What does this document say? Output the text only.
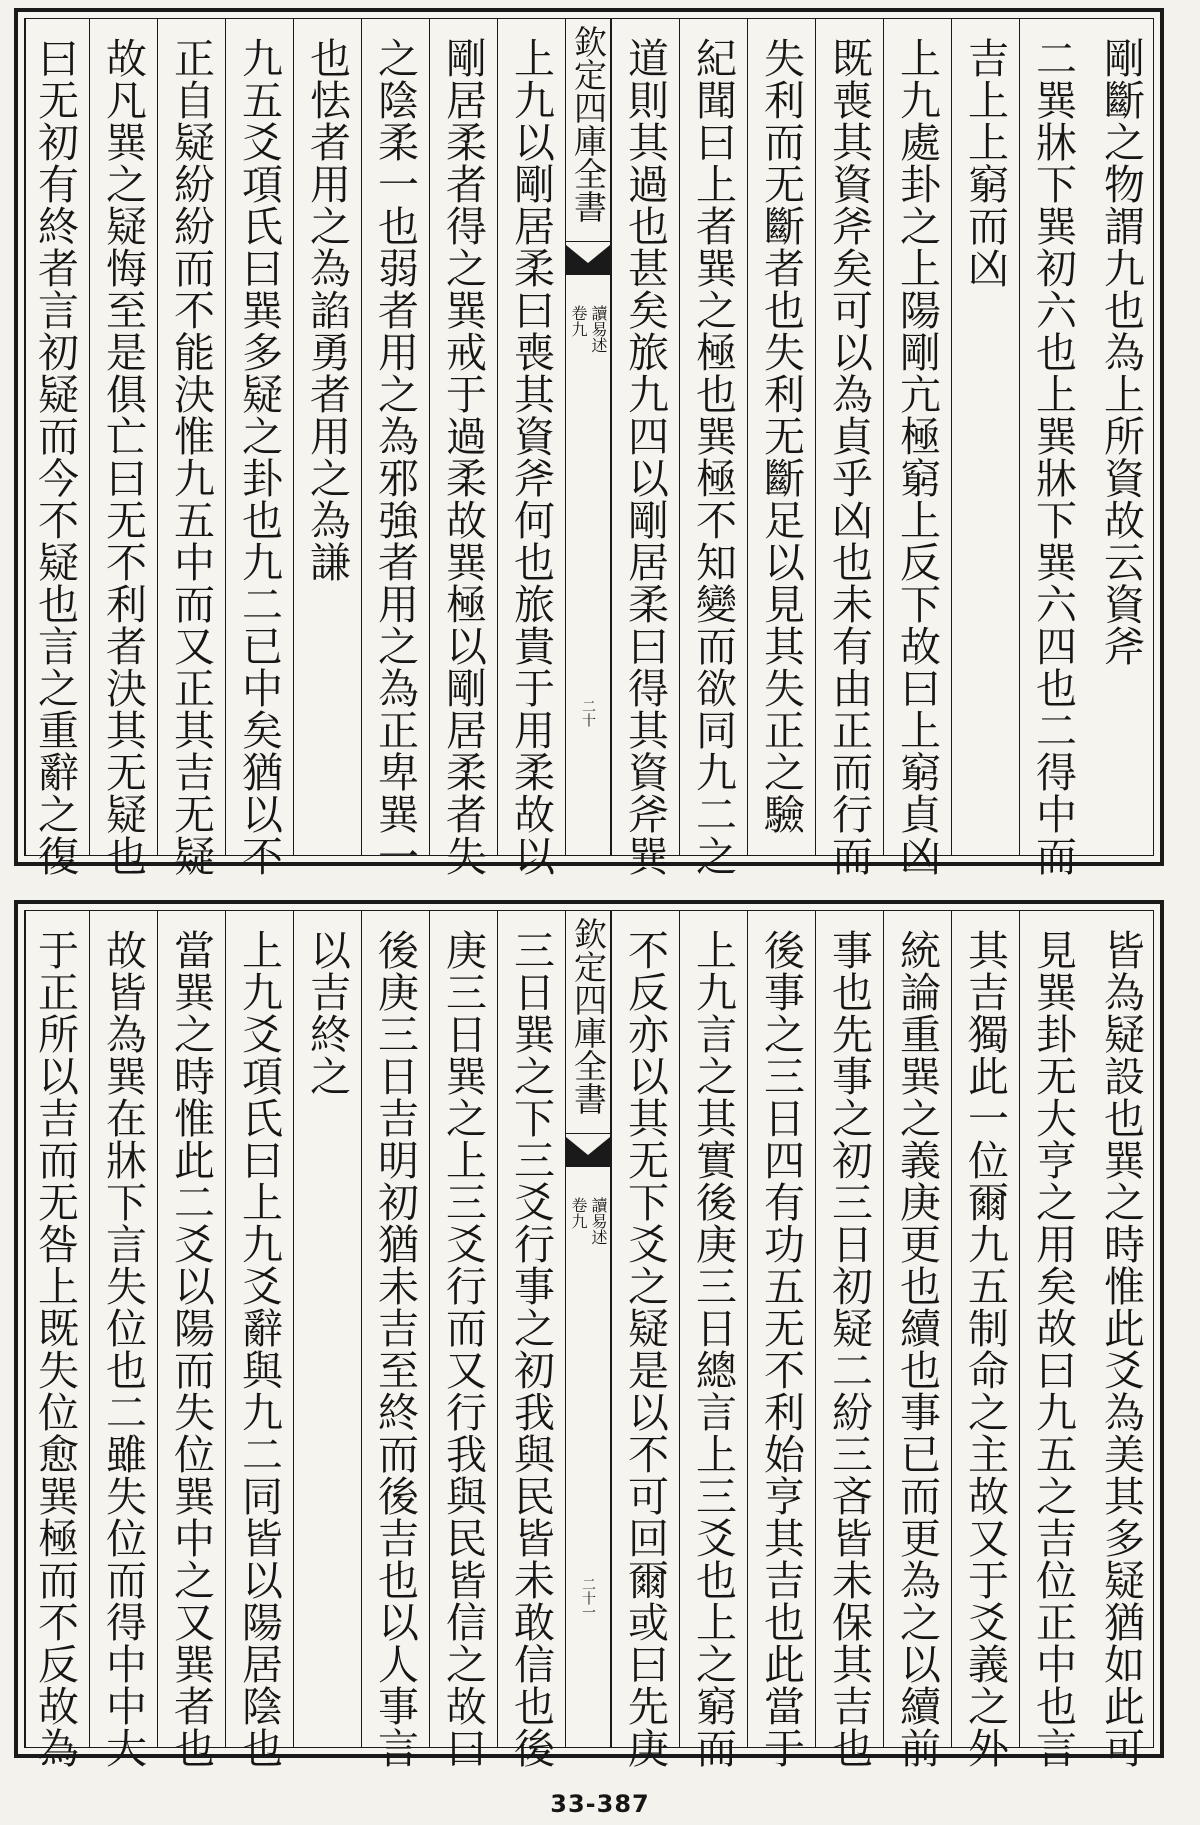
剛斷之物謂九也為上所資故云資斧
二巽牀下巽初六也上巽牀下巽六四也二得中而
吉上上窮而凶
上九處卦之上陽剛亢極窮上反下故曰上窮貞凶
既喪其資斧矣可以為貞乎凶也未有由正而行而
失利而无斷者也失利无斷足以見其失正之驗
紀聞曰上者巽之極也巽極不知變而欲同九二之
道則其過也甚矣旅九四以剛居柔曰得其資斧巽
欽定四庫全書
讀易述
卷九
二十
上九以剛居柔曰喪其資斧何也旅貴于用柔故以
剛居柔者得之巽戒于過柔故巽極以剛居柔者失
之陰柔一也弱者用之為邪強者用之為正卑巽一
也怯者用之為諂勇者用之為謙
九五爻項氏曰巽多疑之卦也九二已中矣猶以不
正自疑紛紛而不能決惟九五中而又正其吉无疑
故凡巽之疑悔至是俱亡曰无不利者決其无疑也
曰无初有終者言初疑而今不疑也言之重辭之復
皆為疑設也巽之時惟此爻為美其多疑猶如此可
見巽卦无大亨之用矣故曰九五之吉位正中也言
其吉獨此一位爾九五制命之主故又于爻義之外
統論重巽之義庚更也續也事已而更為之以續前
事也先事之初三日初疑二紛三吝皆未保其吉也
後事之三日四有功五无不利始亨其吉也此當于
上九言之其實後庚三日總言上三爻也上之窮而
不反亦以其无下爻之疑是以不可回爾或曰先庚
欽定四庫全書
讀易述
卷九
二十一
三日巽之下三爻行事之初我與民皆未敢信也後
庚三日巽之上三爻行而又行我與民皆信之故曰
後庚三日吉明初猶未吉至終而後吉也以人事言
以吉終之
上九爻項氏曰上九爻辭與九二同皆以陽居陰也
當巽之時惟此二爻以陽而失位巽中之又巽者也
故皆為巽在牀下言失位也二雖失位而得中中大
于正所以吉而无咎上既失位愈巽極而不反故為
33-387
